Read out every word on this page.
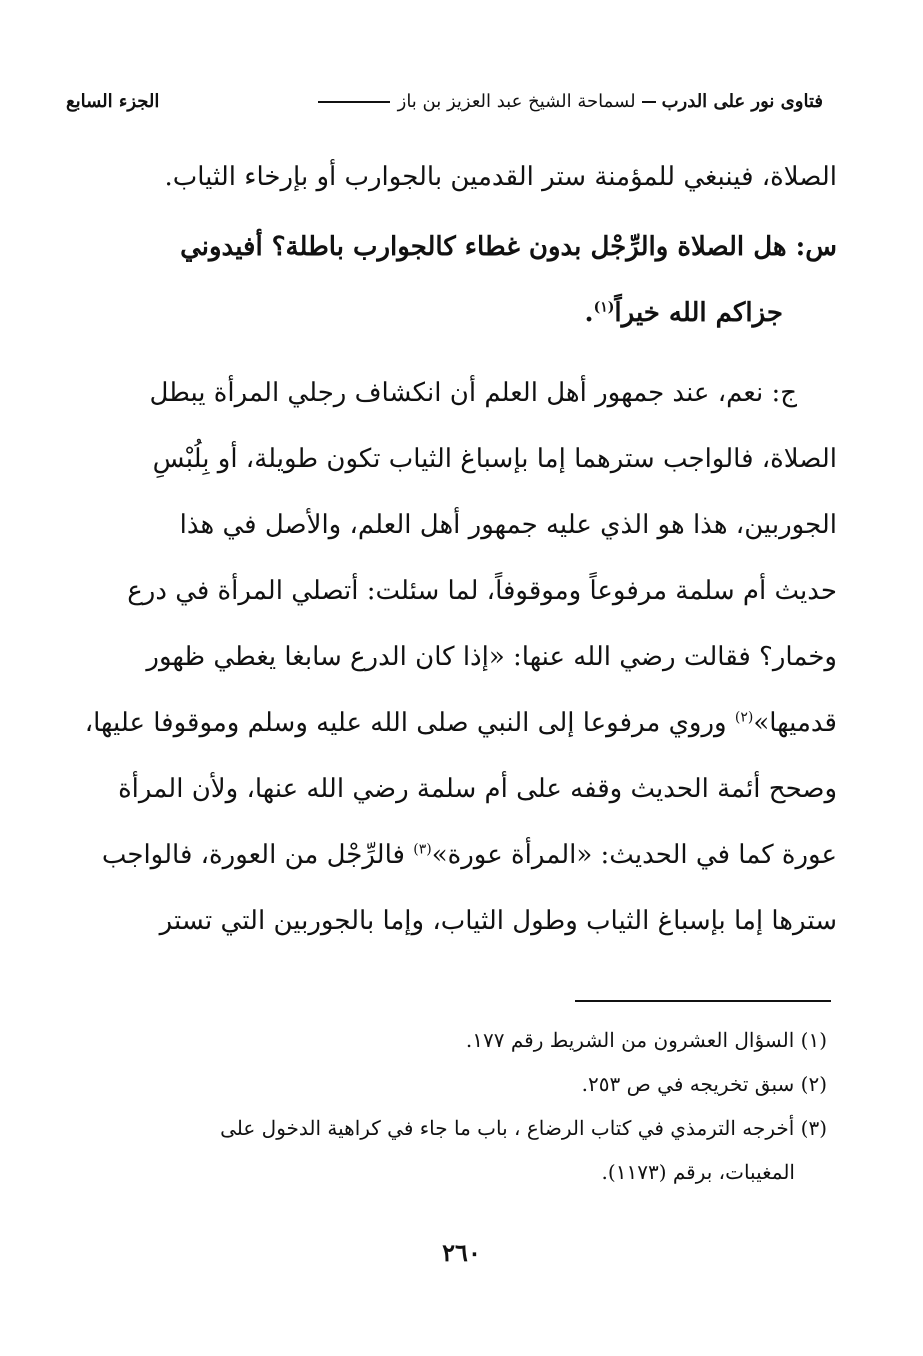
فتاوى نور على الدرب
لسماحة الشيخ عبد العزيز بن باز
الجزء السابع
الصلاة، فينبغي للمؤمنة ستر القدمين بالجوارب أو بإرخاء الثياب.
س: هل الصلاة والرِّجْل بدون غطاء كالجوارب باطلة؟ أفيدوني
جزاكم الله خيراً$^{(١)}$.
ج: نعم، عند جمهور أهل العلم أن انكشاف رجلي المرأة يبطل
الصلاة، فالواجب سترهما إما بإسباغ الثياب تكون طويلة، أو بِلُبْسِ
الجوربين، هذا هو الذي عليه جمهور أهل العلم، والأصل في هذا
حديث أم سلمة مرفوعاً وموقوفاً، لما سئلت: أتصلي المرأة في درع
وخمار؟ فقالت رضي الله عنها: «إذا كان الدرع سابغا يغطي ظهور
قدميها»$^{(٢)}$ وروي مرفوعا إلى النبي صلى الله عليه وسلم وموقوفا عليها،
وصحح أئمة الحديث وقفه على أم سلمة رضي الله عنها، ولأن المرأة
عورة كما في الحديث: «المرأة عورة»$^{(٣)}$ فالرِّجْل من العورة، فالواجب
سترها إما بإسباغ الثياب وطول الثياب، وإما بالجوربين التي تستر
(١) السؤال العشرون من الشريط رقم ١٧٧.
(٢) سبق تخريجه في ص ٢٥٣.
(٣) أخرجه الترمذي في كتاب الرضاع ، باب ما جاء في كراهية الدخول على
المغيبات، برقم (١١٧٣).
٢٦٠
